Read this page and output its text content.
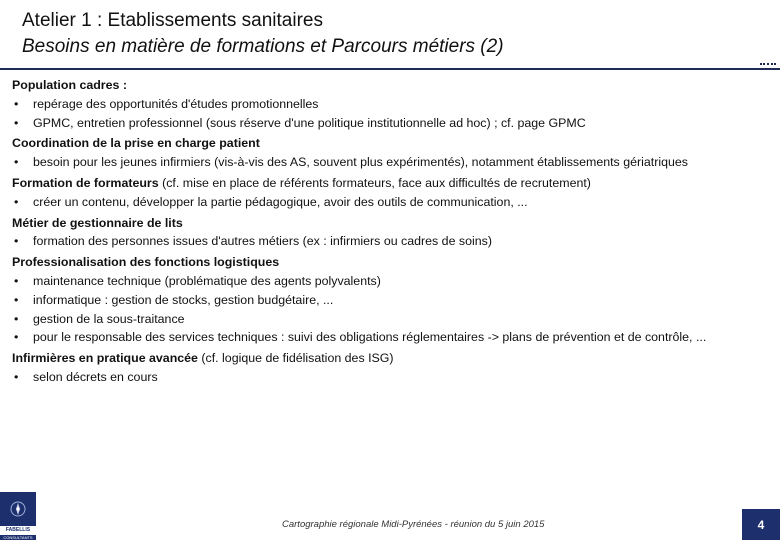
Atelier 1 : Etablissements sanitaires
Besoins en matière de formations et Parcours métiers (2)
Population cadres :
• repérage des opportunités d'études promotionnelles
• GPMC, entretien professionnel (sous réserve d'une politique institutionnelle ad hoc) ; cf. page GPMC
Coordination de la prise en charge patient
• besoin pour les jeunes infirmiers (vis-à-vis des AS, souvent plus expérimentés), notamment établissements gériatriques
Formation de formateurs (cf. mise en place de référents formateurs, face aux difficultés de recrutement)
• créer un contenu, développer la partie pédagogique, avoir des outils de communication, ...
Métier de gestionnaire de lits
• formation des personnes issues d'autres métiers (ex : infirmiers ou cadres de soins)
Professionalisation des fonctions logistiques
• maintenance technique (problématique des agents polyvalents)
• informatique : gestion de stocks, gestion budgétaire, ...
• gestion de la sous-traitance
• pour le responsable des services techniques : suivi des obligations réglementaires -> plans de prévention et de contrôle, ...
Infirmières en pratique avancée (cf. logique de fidélisation des ISG)
• selon décrets en cours
FABELLIS
CONSULTANTS
Cartographie régionale Midi-Pyrénées - réunion du 5 juin 2015	4
